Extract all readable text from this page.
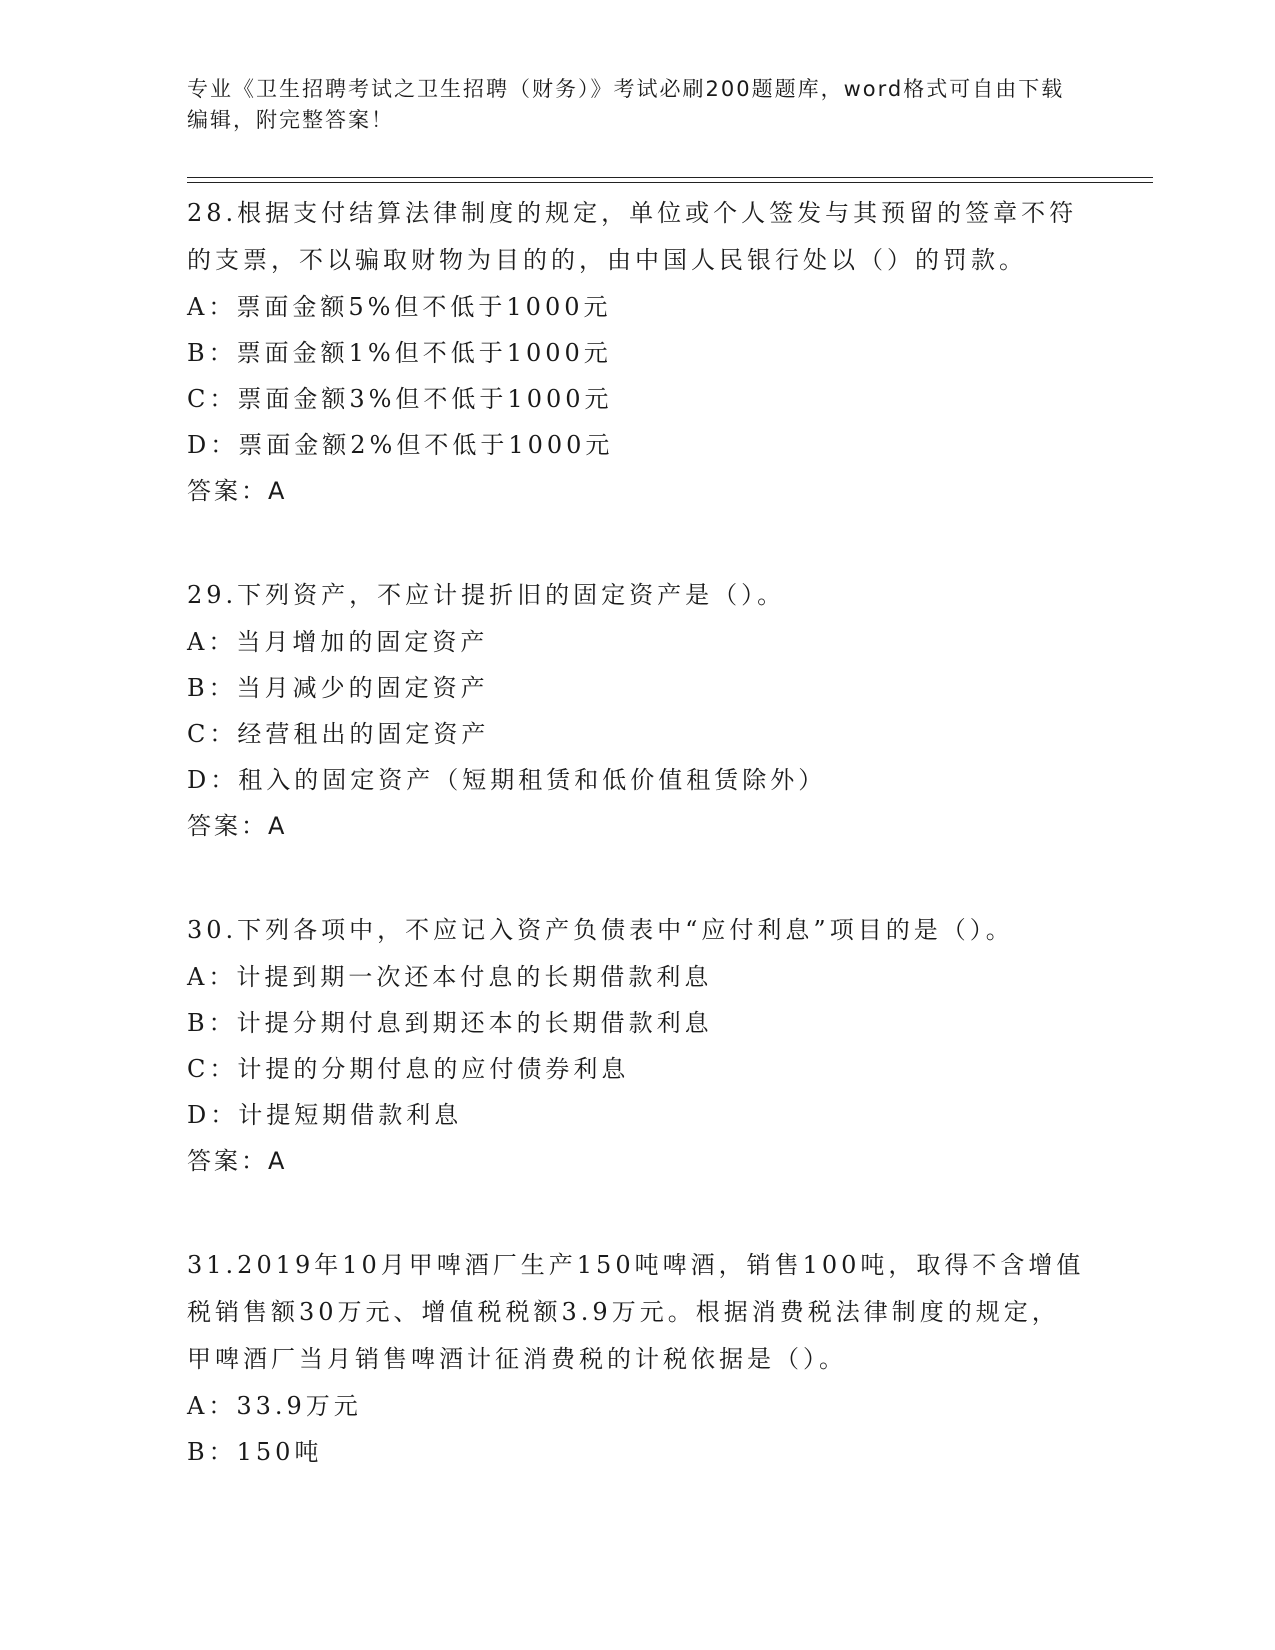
专业《卫生招聘考试之卫生招聘（财务）》考试必刷200题题库，word格式可自由下载编辑，附完整答案！

28.根据支付结算法律制度的规定，单位或个人签发与其预留的签章不符的支票，不以骗取财物为目的的，由中国人民银行处以（）的罚款。

A：票面金额5%但不低于1000元

B：票面金额1%但不低于1000元

C：票面金额3%但不低于1000元

D：票面金额2%但不低于1000元

答案：A

29.下列资产，不应计提折旧的固定资产是（）。

A：当月增加的固定资产

B：当月减少的固定资产

C：经营租出的固定资产

D：租入的固定资产（短期租赁和低价值租赁除外）

答案：A

30.下列各项中，不应记入资产负债表中“应付利息”项目的是（）。

A：计提到期一次还本付息的长期借款利息

B：计提分期付息到期还本的长期借款利息

C：计提的分期付息的应付债券利息

D：计提短期借款利息

答案：A

31.2019年10月甲啤酒厂生产150吨啤酒，销售100吨，取得不含增值税销售额30万元、增值税税额3.9万元。根据消费税法律制度的规定，甲啤酒厂当月销售啤酒计征消费税的计税依据是（）。

A：33.9万元

B：150吨
